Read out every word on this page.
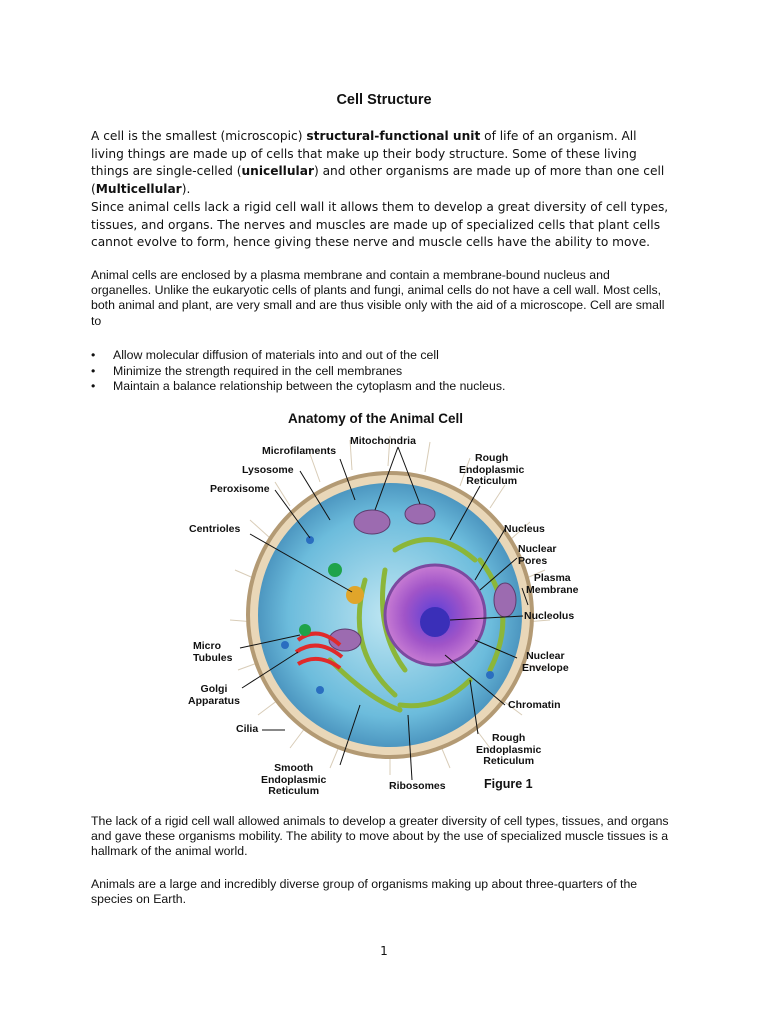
Cell Structure
A cell is the smallest (microscopic) structural-functional unit of life of an organism. All living things are made up of cells that make up their body structure. Some of these living things are single-celled (unicellular) and other organisms are made up of more than one cell (Multicellular).
Since animal cells lack a rigid cell wall it allows them to develop a great diversity of cell types, tissues, and organs. The nerves and muscles are made up of specialized cells that plant cells cannot evolve to form, hence giving these nerve and muscle cells have the ability to move.
Animal cells are enclosed by a plasma membrane and contain a membrane-bound nucleus and organelles. Unlike the eukaryotic cells of plants and fungi, animal cells do not have a cell wall. Most cells, both animal and plant, are very small and are thus visible only with the aid of a microscope. Cell are small to
• Allow molecular diffusion of materials into and out of the cell
• Minimize the strength required in the cell membranes
• Maintain a balance relationship between the cytoplasm and the nucleus.
Anatomy of the Animal Cell
Mitochondria
Microfilaments
Lysosome
Peroxisome
Centrioles
Micro
Tubules
Golgi
Apparatus
Cilia
Smooth
Endoplasmic
Reticulum	Ribosomes
Rough
Endoplasmic
Reticulum
Nucleus
Nuclear
Pores
Plasma
Membrane
Nucleolus
Nuclear
Envelope
Chromatin
Rough
Endoplasmic
Reticulum
Figure 1
The lack of a rigid cell wall allowed animals to develop a greater diversity of cell types, tissues, and organs and gave these organisms mobility. The ability to move about by the use of specialized muscle tissues is a hallmark of the animal world.
Animals are a large and incredibly diverse group of organisms making up about three-quarters of the species on Earth.
1
